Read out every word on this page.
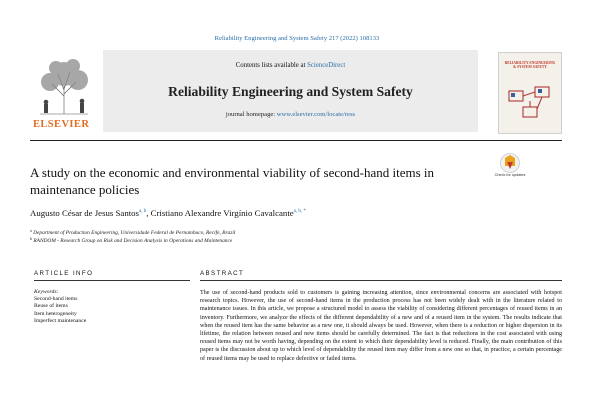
Reliability Engineering and System Safety 217 (2022) 108133
ELSEVIER
Contents lists available at ScienceDirect
Reliability Engineering and System Safety
journal homepage: www.elsevier.com/locate/ress
RELIABILITY ENGINEERING & SYSTEM SAFETY
A study on the economic and environmental viability of second-hand items in maintenance policies
Check for updates
Augusto César de Jesus Santos$^{a, b}$, Cristiano Alexandre Virgínio Cavalcante$^{a, b, *}$
$^a$ Department of Production Engineering, Universidade Federal de Pernambuco, Recife, Brazil
$^b$ RANDOM - Research Group on Risk and Decision Analysis in Operations and Maintenance
ARTICLE INFO
Keywords:
Second-hand items
Reuse of items
Item heterogeneity
Imperfect maintenance
ABSTRACT
The use of second-hand products sold to customers is gaining increasing attention, since environmental concerns are associated with hotspot research topics. However, the use of second-hand items in the production process has not been widely dealt with in the literature related to maintenance issues. In this article, we propose a structured model to assess the viability of considering different percentages of reused items in an inventory. Furthermore, we analyze the effects of the different dependability of a new and of a reused item in the system. The results indicate that when the reused item has the same behavior as a new one, it should always be used. However, when there is a reduction or higher dispersion in its lifetime, the relation between reused and new items should be carefully determined. The fact is that reductions in the cost associated with using reused items may not be worth having, depending on the extent to which their dependability level is reduced. Finally, the main contribution of this paper is the discussion about up to which level of dependability the reused item may differ from a new one so that, in practice, a certain percentage of reused items may be used to replace defective or failed items.
